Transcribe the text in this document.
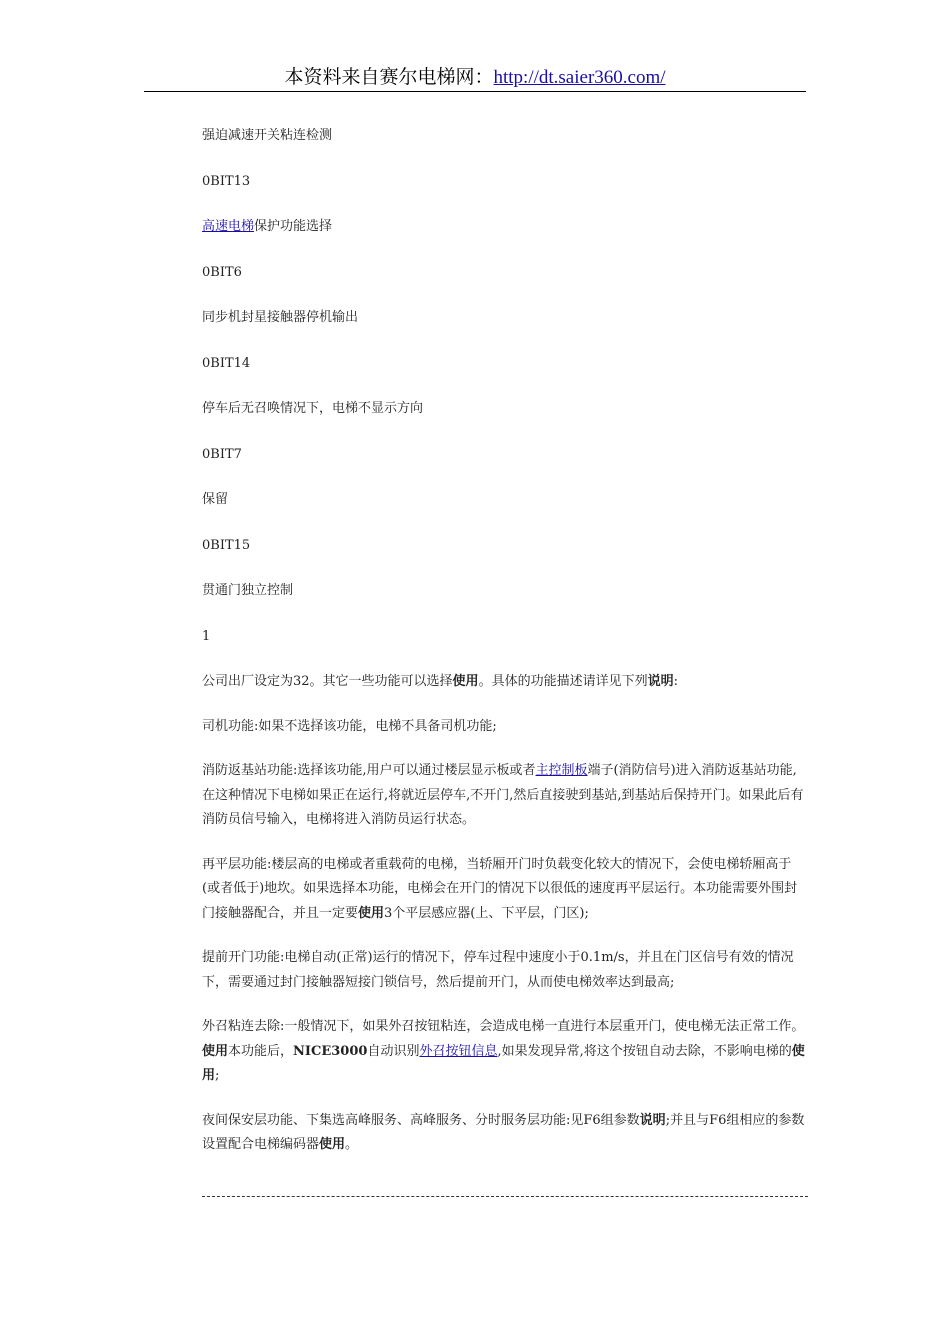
本资料来自赛尔电梯网：http://dt.saier360.com/

强迫减速开关粘连检测

0BIT13

高速电梯保护功能选择

0BIT6

同步机封星接触器停机输出

0BIT14

停车后无召唤情况下，电梯不显示方向

0BIT7

保留

0BIT15

贯通门独立控制

1

公司出厂设定为32。其它一些功能可以选择使用。具体的功能描述请详见下列说明:

司机功能:如果不选择该功能，电梯不具备司机功能;

消防返基站功能:选择该功能,用户可以通过楼层显示板或者主控制板端子(消防信号)进入消防返基站功能,在这种情况下电梯如果正在运行,将就近层停车,不开门,然后直接驶到基站,到基站后保持开门。如果此后有消防员信号输入，电梯将进入消防员运行状态。

再平层功能:楼层高的电梯或者重载荷的电梯，当轿厢开门时负载变化较大的情况下，会使电梯轿厢高于(或者低于)地坎。如果选择本功能，电梯会在开门的情况下以很低的速度再平层运行。本功能需要外围封门接触器配合，并且一定要使用3个平层感应器(上、下平层，门区);

提前开门功能:电梯自动(正常)运行的情况下，停车过程中速度小于0.1m/s，并且在门区信号有效的情况下，需要通过封门接触器短接门锁信号，然后提前开门，从而使电梯效率达到最高;

外召粘连去除:一般情况下，如果外召按钮粘连，会造成电梯一直进行本层重开门，使电梯无法正常工作。使用本功能后，NICE3000自动识别外召按钮信息,如果发现异常,将这个按钮自动去除，不影响电梯的使用;

夜间保安层功能、下集选高峰服务、高峰服务、分时服务层功能:见F6组参数说明;并且与F6组相应的参数设置配合电梯编码器使用。
